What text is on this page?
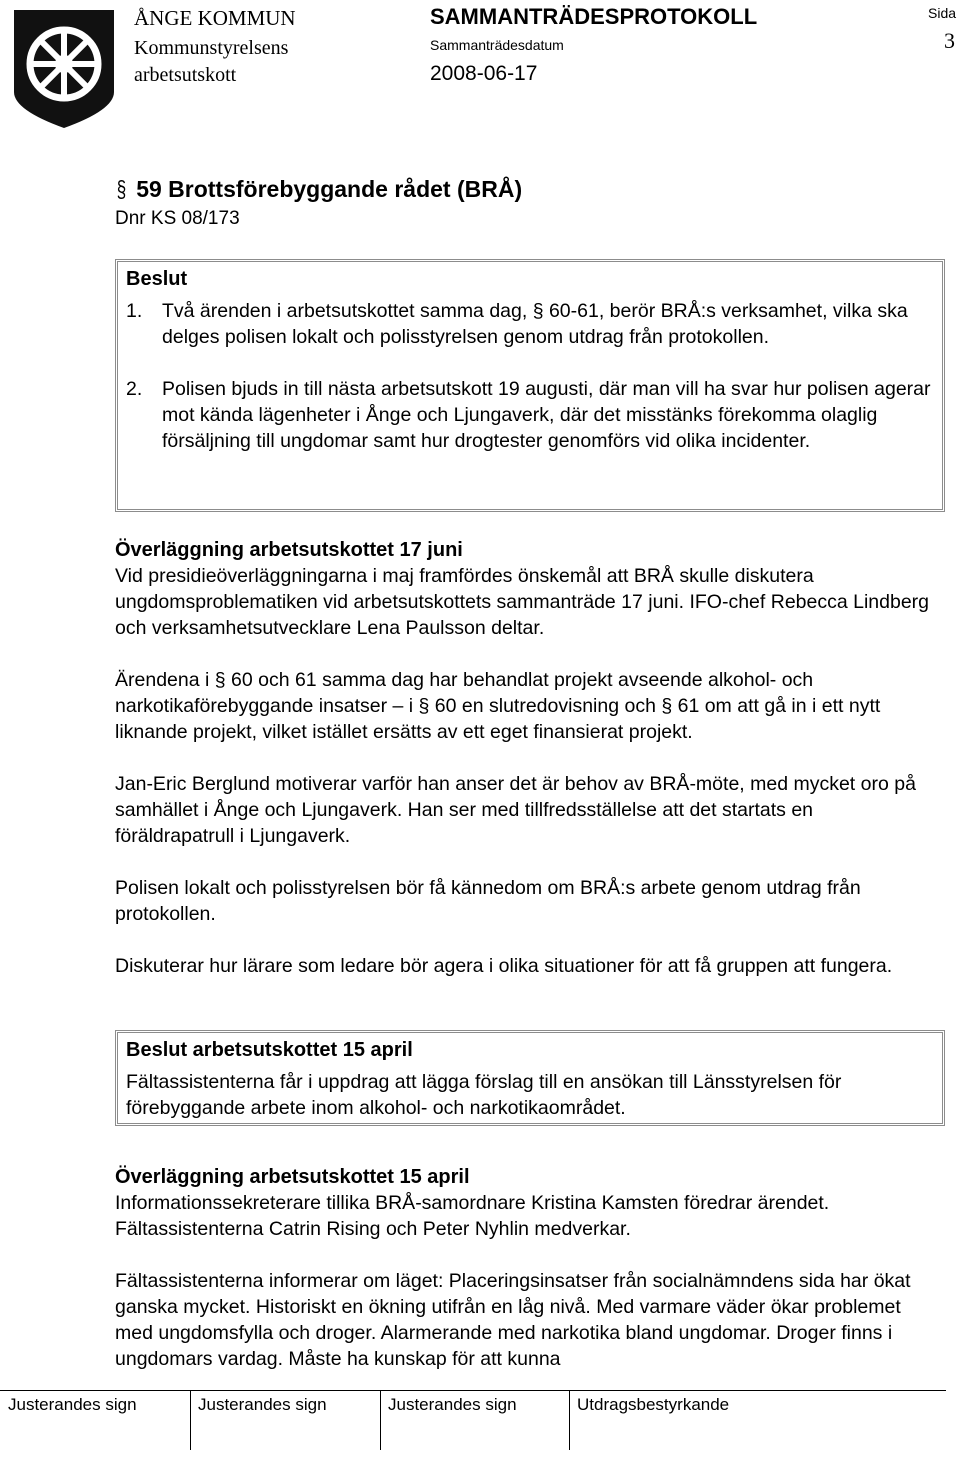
ÅNGE KOMMUN
Kommunstyrelsens
arbetsutskott
SAMMANTRÄDESPROTOKOLL
Sammanträdesdatum
2008-06-17
Sida
3
§ 59 Brottsförebyggande rådet (BRÅ)
Dnr KS 08/173
Beslut
1.	Två ärenden i arbetsutskottet samma dag, § 60-61, berör BRÅ:s verksamhet, vilka ska delges polisen lokalt och polisstyrelsen genom utdrag från protokollen.
2.	Polisen bjuds in till nästa arbetsutskott 19 augusti, där man vill ha svar hur polisen agerar mot kända lägenheter i Ånge och Ljungaverk, där det misstänks förekomma olaglig försäljning till ungdomar samt hur drogtester genomförs vid olika incidenter.
Överläggning arbetsutskottet 17 juni
Vid presidieöverläggningarna i maj framfördes önskemål att BRÅ skulle diskutera ungdomsproblematiken vid arbetsutskottets sammanträde 17 juni. IFO-chef Rebecca Lindberg och verksamhetsutvecklare Lena Paulsson deltar.
Ärendena i § 60 och 61 samma dag har behandlat projekt avseende alkohol- och narkotikaförebyggande insatser – i § 60 en slutredovisning och § 61 om att gå in i ett nytt liknande projekt, vilket istället ersätts av ett eget finansierat projekt.
Jan-Eric Berglund motiverar varför han anser det är behov av BRÅ-möte, med mycket oro på samhället i Ånge och Ljungaverk. Han ser med tillfredsställelse att det startats en föräldrapatrull i Ljungaverk.
Polisen lokalt och polisstyrelsen bör få kännedom om BRÅ:s arbete genom utdrag från protokollen.
Diskuterar hur lärare som ledare bör agera i olika situationer för att få gruppen att fungera.
Beslut arbetsutskottet 15 april
Fältassistenterna får i uppdrag att lägga förslag till en ansökan till Länsstyrelsen för förebyggande arbete inom alkohol- och narkotikaområdet.
Överläggning arbetsutskottet 15 april
Informationssekreterare tillika BRÅ-samordnare Kristina Kamsten föredrar ärendet. Fältassistenterna Catrin Rising och Peter Nyhlin medverkar.
Fältassistenterna informerar om läget: Placeringsinsatser från socialnämndens sida har ökat ganska mycket. Historiskt en ökning utifrån en låg nivå. Med varmare väder ökar problemet med ungdomsfylla och droger. Alarmerande med narkotika bland ungdomar. Droger finns i ungdomars vardag. Måste ha kunskap för att kunna
Justerandes sign	Justerandes sign	Justerandes sign	Utdragsbestyrkande
